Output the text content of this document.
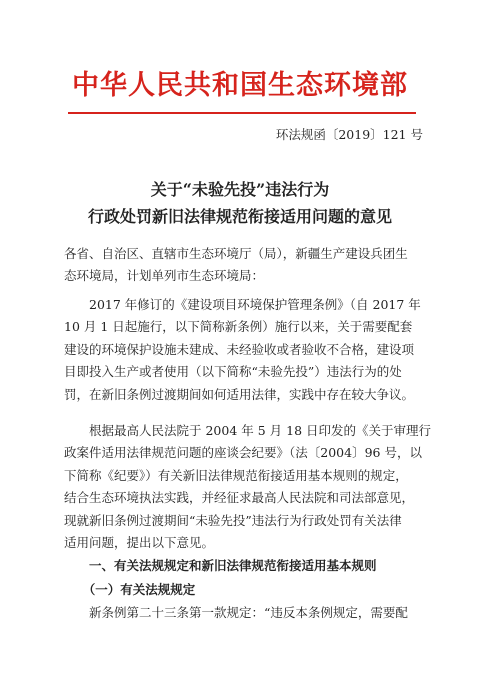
中华人民共和国生态环境部
环法规函〔2019〕121 号
关于“未验先投”违法行为
行政处罚新旧法律规范衔接适用问题的意见
各省、自治区、直辖市生态环境厅（局），新疆生产建设兵团生
态环境局，计划单列市生态环境局：
　　2017 年修订的《建设项目环境保护管理条例》（自 2017 年
10 月 1 日起施行，以下简称新条例）施行以来，关于需要配套
建设的环境保护设施未建成、未经验收或者验收不合格，建设项
目即投入生产或者使用（以下简称“未验先投”）违法行为的处
罚，在新旧条例过渡期间如何适用法律，实践中存在较大争议。
　　根据最高人民法院于 2004 年 5 月 18 日印发的《关于审理行
政案件适用法律规范问题的座谈会纪要》（法〔2004〕96 号，以
下简称《纪要》）有关新旧法律规范衔接适用基本规则的规定，
结合生态环境执法实践，并经征求最高人民法院和司法部意见，
现就新旧条例过渡期间“未验先投”违法行为行政处罚有关法律
适用问题，提出以下意见。
　　一、有关法规规定和新旧法律规范衔接适用基本规则
　　（一）有关法规规定
　　新条例第二十三条第一款规定：“违反本条例规定，需要配
